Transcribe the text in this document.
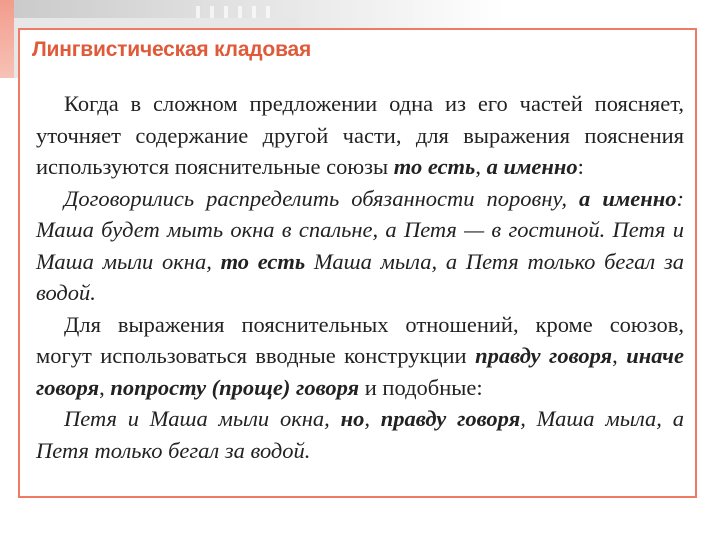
»
Лингвистическая кладовая

Когда в сложном предложении одна из его частей поясняет, уточняет содержание другой части, для выражения пояснения используются пояснительные союзы то есть, а именно:

Договорились распределить обязанности поровну, а именно: Маша будет мыть окна в спальне, а Петя — в гостиной. Петя и Маша мыли окна, то есть Маша мыла, а Петя только бегал за водой.

Для выражения пояснительных отношений, кроме союзов, могут использоваться вводные конструкции правду говоря, иначе говоря, попросту (проще) говоря и подобные:

Петя и Маша мыли окна, но, правду говоря, Маша мыла, а Петя только бегал за водой.
